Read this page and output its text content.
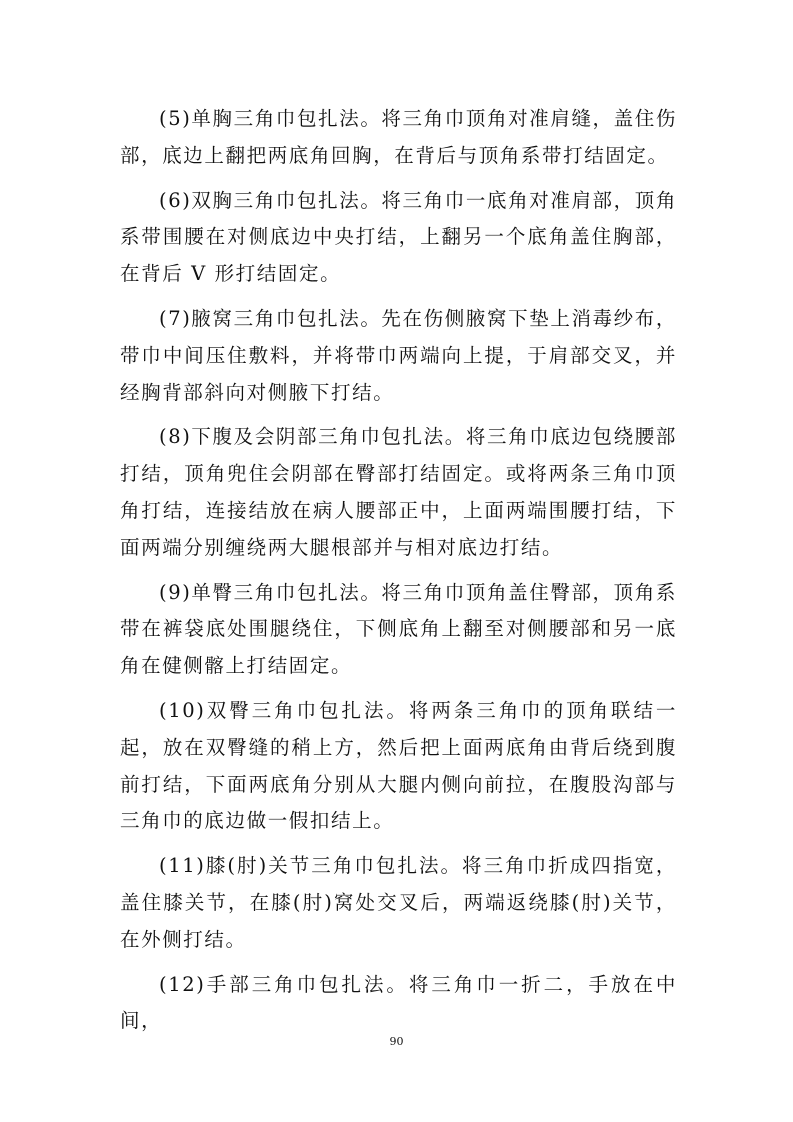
(5)单胸三角巾包扎法。将三角巾顶角对准肩缝，盖住伤部，底边上翻把两底角回胸，在背后与顶角系带打结固定。

(6)双胸三角巾包扎法。将三角巾一底角对准肩部，顶角系带围腰在对侧底边中央打结，上翻另一个底角盖住胸部，在背后 V 形打结固定。

(7)腋窝三角巾包扎法。先在伤侧腋窝下垫上消毒纱布，带巾中间压住敷料，并将带巾两端向上提，于肩部交叉，并经胸背部斜向对侧腋下打结。

(8)下腹及会阴部三角巾包扎法。将三角巾底边包绕腰部打结，顶角兜住会阴部在臀部打结固定。或将两条三角巾顶角打结，连接结放在病人腰部正中，上面两端围腰打结，下面两端分别缠绕两大腿根部并与相对底边打结。

(9)单臀三角巾包扎法。将三角巾顶角盖住臀部，顶角系带在裤袋底处围腿绕住，下侧底角上翻至对侧腰部和另一底角在健侧髂上打结固定。

(10)双臀三角巾包扎法。将两条三角巾的顶角联结一起，放在双臀缝的稍上方，然后把上面两底角由背后绕到腹前打结，下面两底角分别从大腿内侧向前拉，在腹股沟部与三角巾的底边做一假扣结上。

(11)膝(肘)关节三角巾包扎法。将三角巾折成四指宽，盖住膝关节，在膝(肘)窝处交叉后，两端返绕膝(肘)关节，在外侧打结。

(12)手部三角巾包扎法。将三角巾一折二，手放在中间，

90
